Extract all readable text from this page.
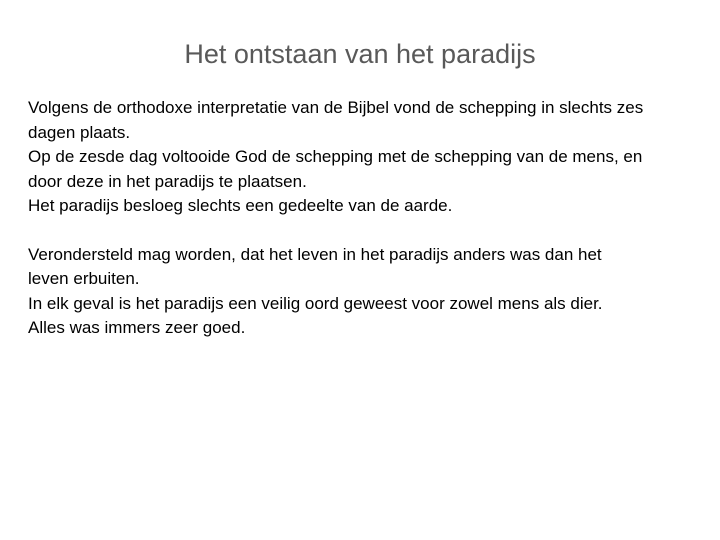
Het ontstaan van het paradijs

Volgens de orthodoxe interpretatie van de Bijbel vond de schepping in slechts zes
dagen plaats.
Op de zesde dag voltooide God de schepping met de schepping van de mens, en
door deze in het paradijs te plaatsen.
Het paradijs besloeg slechts een gedeelte van de aarde.

Verondersteld mag worden, dat het leven in het paradijs anders was dan het
leven erbuiten.
In elk geval is het paradijs een veilig oord geweest voor zowel mens als dier.
Alles was immers zeer goed.
